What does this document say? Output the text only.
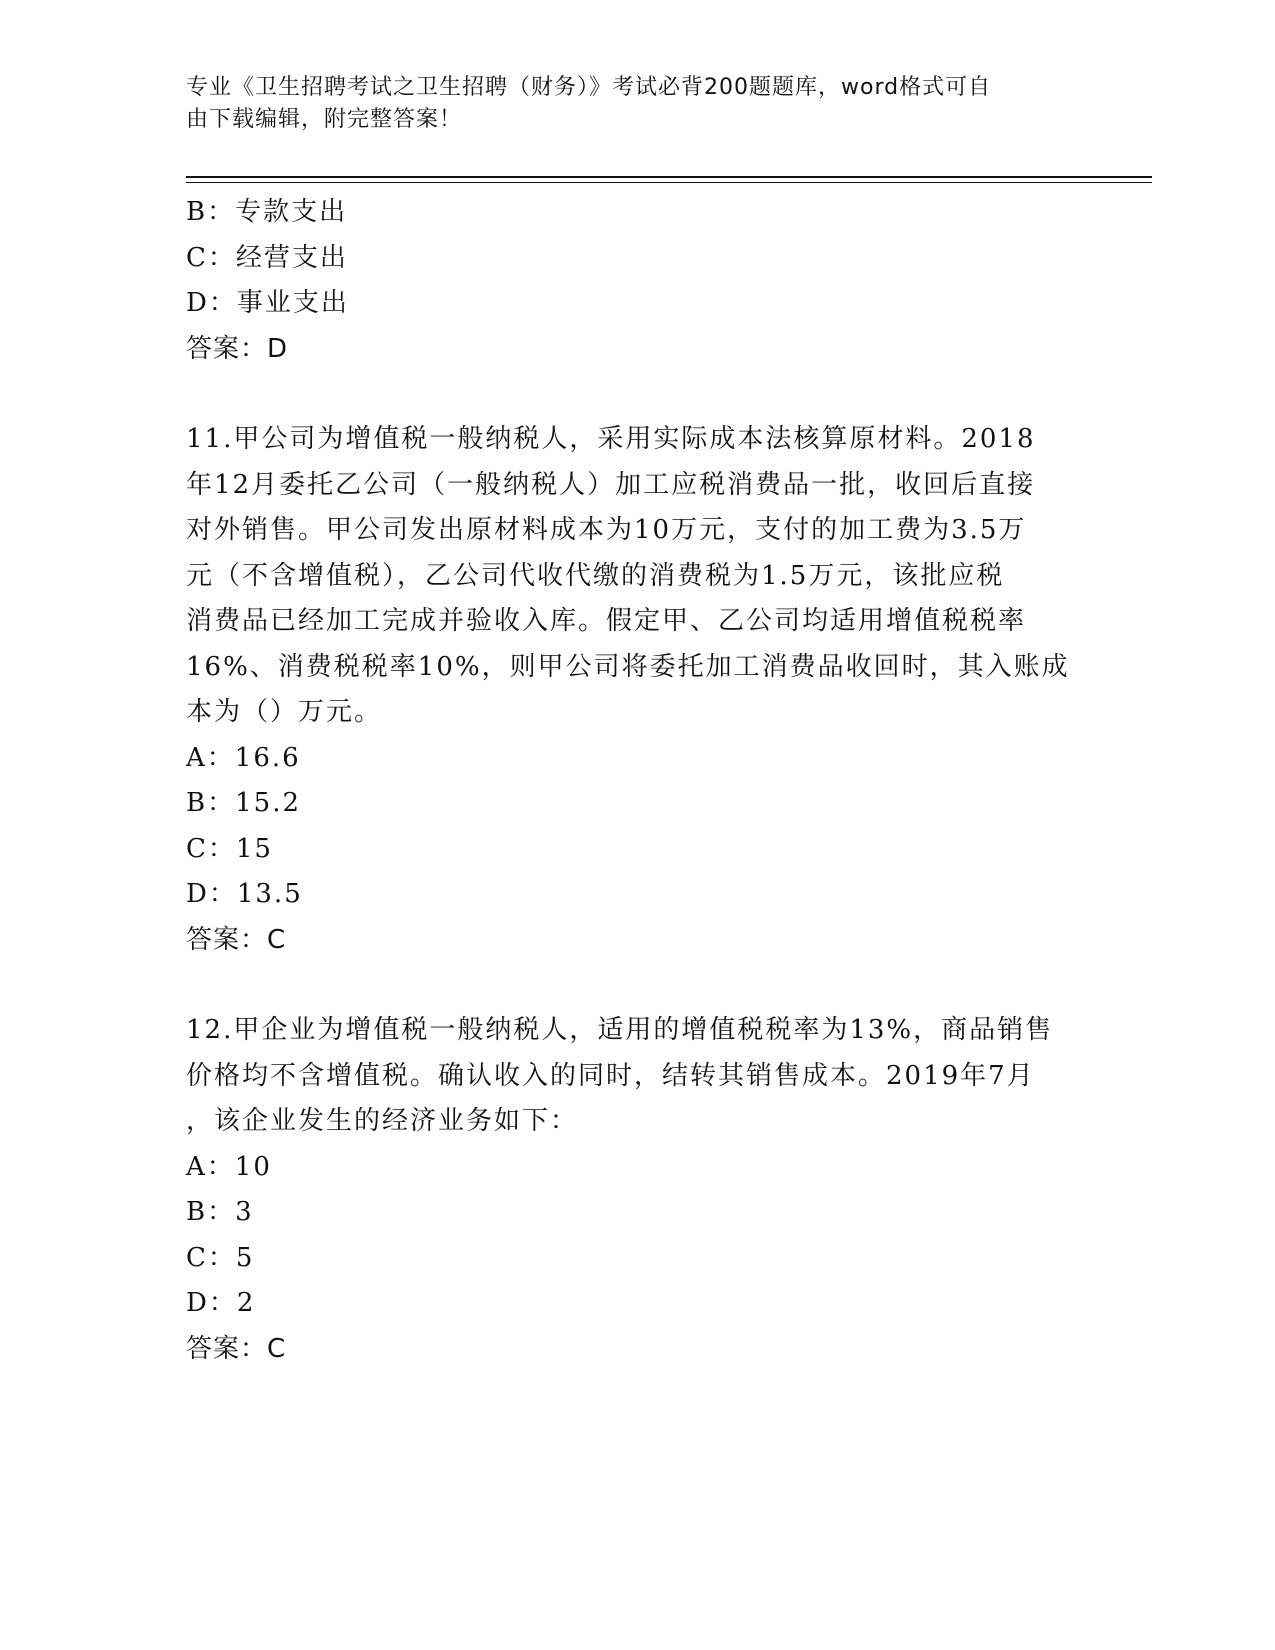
专业《卫生招聘考试之卫生招聘（财务）》考试必背200题题库，word格式可自
由下载编辑，附完整答案！
B：专款支出
C：经营支出
D：事业支出
答案：D
11.甲公司为增值税一般纳税人，采用实际成本法核算原材料。2018
年12月委托乙公司（一般纳税人）加工应税消费品一批，收回后直接
对外销售。甲公司发出原材料成本为10万元，支付的加工费为3.5万
元（不含增值税），乙公司代收代缴的消费税为1.5万元，该批应税
消费品已经加工完成并验收入库。假定甲、乙公司均适用增值税税率
16%、消费税税率10%，则甲公司将委托加工消费品收回时，其入账成
本为（）万元。
A：16.6
B：15.2
C：15
D：13.5
答案：C
12.甲企业为增值税一般纳税人，适用的增值税税率为13%，商品销售
价格均不含增值税。确认收入的同时，结转其销售成本。2019年7月
，该企业发生的经济业务如下：
A：10
B：3
C：5
D：2
答案：C
